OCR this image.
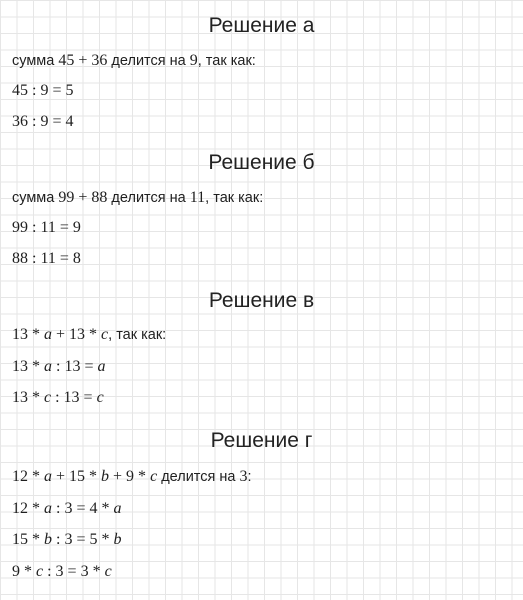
Решение а

сумма 45 + 36 делится на 9, так как:

45 : 9 = 5

36 : 9 = 4

Решение б

сумма 99 + 88 делится на 11, так как:

99 : 11 = 9

88 : 11 = 8

Решение в

13 * a + 13 * c, так как:

13 * a : 13 = a

13 * c : 13 = c

Решение г

12 * a + 15 * b + 9 * c делится на 3:

12 * a : 3 = 4 * a

15 * b : 3 = 5 * b

9 * c : 3 = 3 * c
